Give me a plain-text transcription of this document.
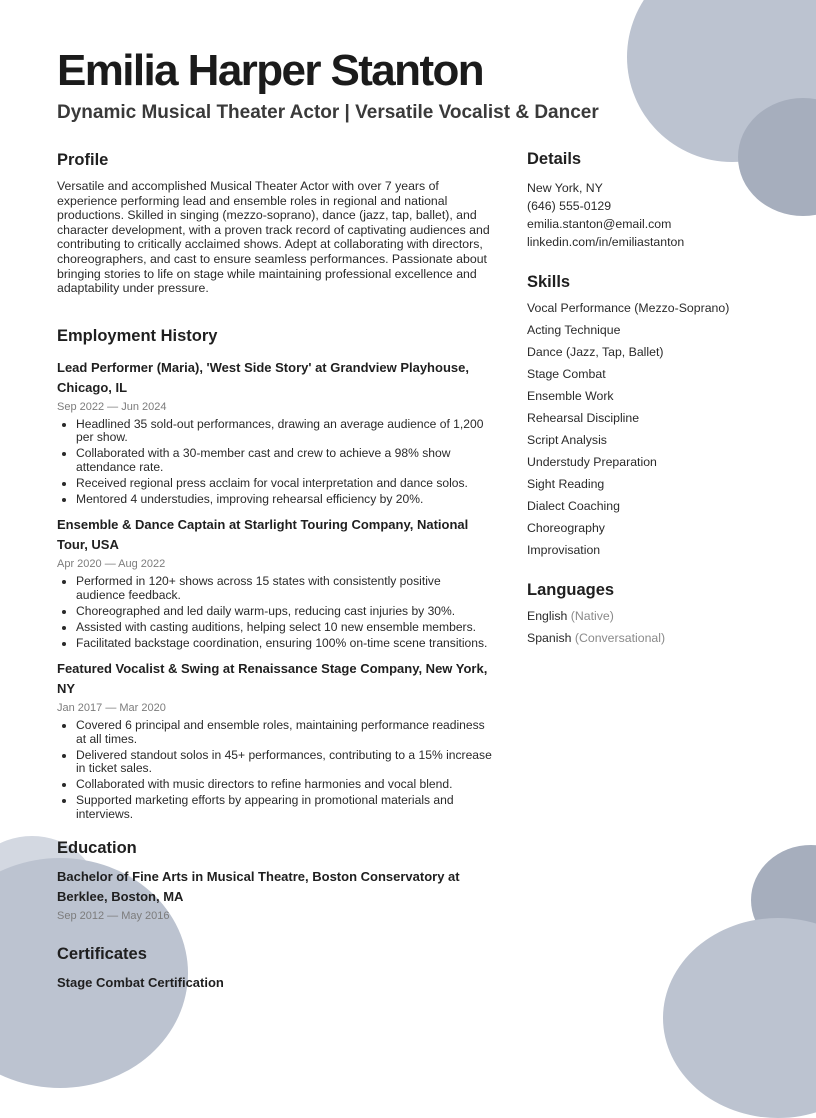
Emilia Harper Stanton
Dynamic Musical Theater Actor | Versatile Vocalist & Dancer
Profile

Versatile and accomplished Musical Theater Actor with over 7 years of experience performing lead and ensemble roles in regional and national productions. Skilled in singing (mezzo-soprano), dance (jazz, tap, ballet), and character development, with a proven track record of captivating audiences and contributing to critically acclaimed shows. Adept at collaborating with directors, choreographers, and cast to ensure seamless performances. Passionate about bringing stories to life on stage while maintaining professional excellence and adaptability under pressure.

Employment History

Lead Performer (Maria), 'West Side Story' at Grandview Playhouse, Chicago, IL

Sep 2022 — Jun 2024
• Headlined 35 sold-out performances, drawing an average audience of 1,200 per show.
• Collaborated with a 30-member cast and crew to achieve a 98% show attendance rate.
• Received regional press acclaim for vocal interpretation and dance solos.
• Mentored 4 understudies, improving rehearsal efficiency by 20%.

Ensemble & Dance Captain at Starlight Touring Company, National Tour, USA

Apr 2020 — Aug 2022
• Performed in 120+ shows across 15 states with consistently positive audience feedback.
• Choreographed and led daily warm-ups, reducing cast injuries by 30%.
• Assisted with casting auditions, helping select 10 new ensemble members.
• Facilitated backstage coordination, ensuring 100% on-time scene transitions.

Featured Vocalist & Swing at Renaissance Stage Company, New York, NY

Jan 2017 — Mar 2020
• Covered 6 principal and ensemble roles, maintaining performance readiness at all times.
• Delivered standout solos in 45+ performances, contributing to a 15% increase in ticket sales.
• Collaborated with music directors to refine harmonies and vocal blend.
• Supported marketing efforts by appearing in promotional materials and interviews.
Education

Bachelor of Fine Arts in Musical Theatre, Boston Conservatory at Berklee, Boston, MA

Sep 2012 — May 2016
Certificates

Stage Combat Certification

Details

New York, NY

(646) 555-0129

emilia.stanton@email.com

linkedin.com/in/emiliastanton

Skills

Vocal Performance (Mezzo-Soprano)

Acting Technique

Dance (Jazz, Tap, Ballet)

Stage Combat

Ensemble Work

Rehearsal Discipline

Script Analysis

Understudy Preparation

Sight Reading

Dialect Coaching

Choreography

Improvisation

Languages

English (Native)

Spanish (Conversational)
